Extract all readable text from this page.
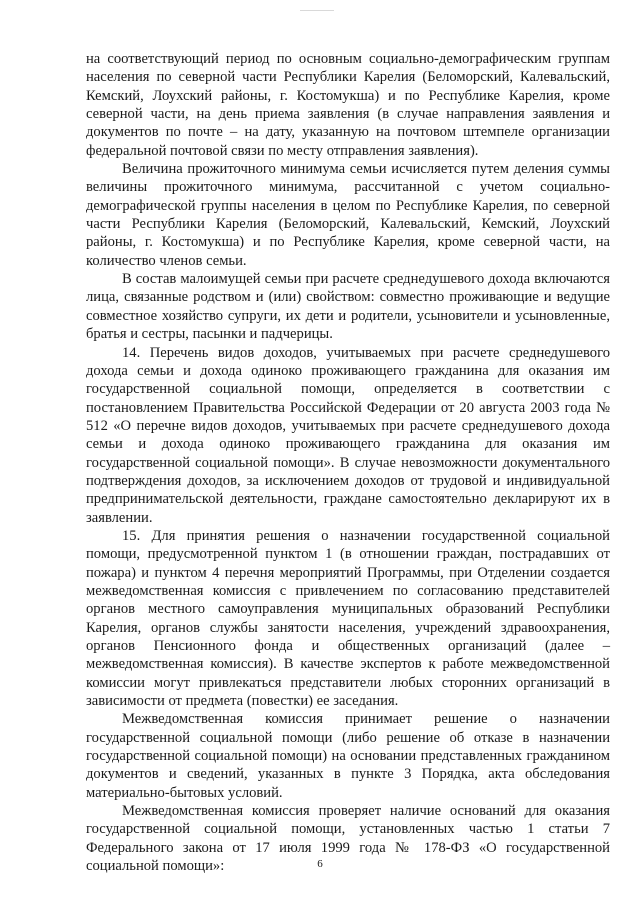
на соответствующий период по основным социально-демографическим группам населения по северной части Республики Карелия (Беломорский, Калевальский, Кемский, Лоухский районы, г. Костомукша) и по Республике Карелия, кроме северной части, на день приема заявления (в случае направления заявления и документов по почте – на дату, указанную на почтовом штемпеле организации федеральной почтовой связи по месту отправления заявления).

Величина прожиточного минимума семьи исчисляется путем деления суммы величины прожиточного минимума, рассчитанной с учетом социально-демографической группы населения в целом по Республике Карелия, по северной части Республики Карелия (Беломорский, Калевальский, Кемский, Лоухский районы, г. Костомукша) и по Республике Карелия, кроме северной части, на количество членов семьи.

В состав малоимущей семьи при расчете среднедушевого дохода включаются лица, связанные родством и (или) свойством: совместно проживающие и ведущие совместное хозяйство супруги, их дети и родители, усыновители и усыновленные, братья и сестры, пасынки и падчерицы.

14. Перечень видов доходов, учитываемых при расчете среднедушевого дохода семьи и дохода одиноко проживающего гражданина для оказания им государственной социальной помощи, определяется в соответствии с постановлением Правительства Российской Федерации от 20 августа 2003 года № 512 «О перечне видов доходов, учитываемых при расчете среднедушевого дохода семьи и дохода одиноко проживающего гражданина для оказания им государственной социальной помощи». В случае невозможности документального подтверждения доходов, за исключением доходов от трудовой и индивидуальной предпринимательской деятельности, граждане самостоятельно декларируют их в заявлении.

15. Для принятия решения о назначении государственной социальной помощи, предусмотренной пунктом 1 (в отношении граждан, пострадавших от пожара) и пунктом 4 перечня мероприятий Программы, при Отделении создается межведомственная комиссия с привлечением по согласованию представителей органов местного самоуправления муниципальных образований Республики Карелия, органов службы занятости населения, учреждений здравоохранения, органов Пенсионного фонда и общественных организаций (далее – межведомственная комиссия). В качестве экспертов к работе межведомственной комиссии могут привлекаться представители любых сторонних организаций в зависимости от предмета (повестки) ее заседания.

Межведомственная комиссия принимает решение о назначении государственной социальной помощи (либо решение об отказе в назначении государственной социальной помощи) на основании представленных гражданином документов и сведений, указанных в пункте 3 Порядка, акта обследования материально-бытовых условий.

Межведомственная комиссия проверяет наличие оснований для оказания государственной социальной помощи, установленных частью 1 статьи 7 Федерального закона от 17 июля 1999 года № 178-ФЗ «О государственной социальной помощи»:	6
